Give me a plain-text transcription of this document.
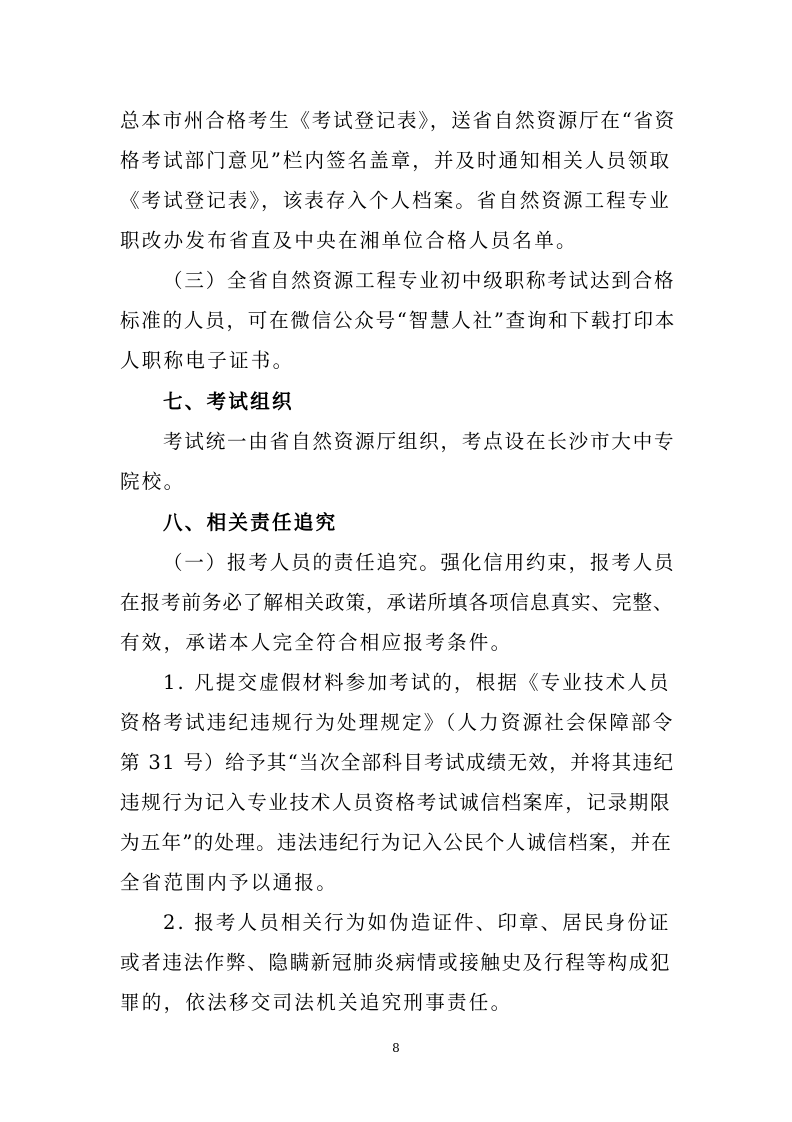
总本市州合格考生《考试登记表》，送省自然资源厅在“省资
格考试部门意见”栏内签名盖章，并及时通知相关人员领取
《考试登记表》，该表存入个人档案。省自然资源工程专业
职改办发布省直及中央在湘单位合格人员名单。
（三）全省自然资源工程专业初中级职称考试达到合格
标准的人员，可在微信公众号“智慧人社”查询和下载打印本
人职称电子证书。
七、考试组织
考试统一由省自然资源厅组织，考点设在长沙市大中专
院校。
八、相关责任追究
（一）报考人员的责任追究。强化信用约束，报考人员
在报考前务必了解相关政策，承诺所填各项信息真实、完整、
有效，承诺本人完全符合相应报考条件。
1. 凡提交虚假材料参加考试的，根据《专业技术人员
资格考试违纪违规行为处理规定》（人力资源社会保障部令
第 31 号）给予其“当次全部科目考试成绩无效，并将其违纪
违规行为记入专业技术人员资格考试诚信档案库，记录期限
为五年”的处理。违法违纪行为记入公民个人诚信档案，并在
全省范围内予以通报。
2. 报考人员相关行为如伪造证件、印章、居民身份证
或者违法作弊、隐瞒新冠肺炎病情或接触史及行程等构成犯
罪的，依法移交司法机关追究刑事责任。
8
